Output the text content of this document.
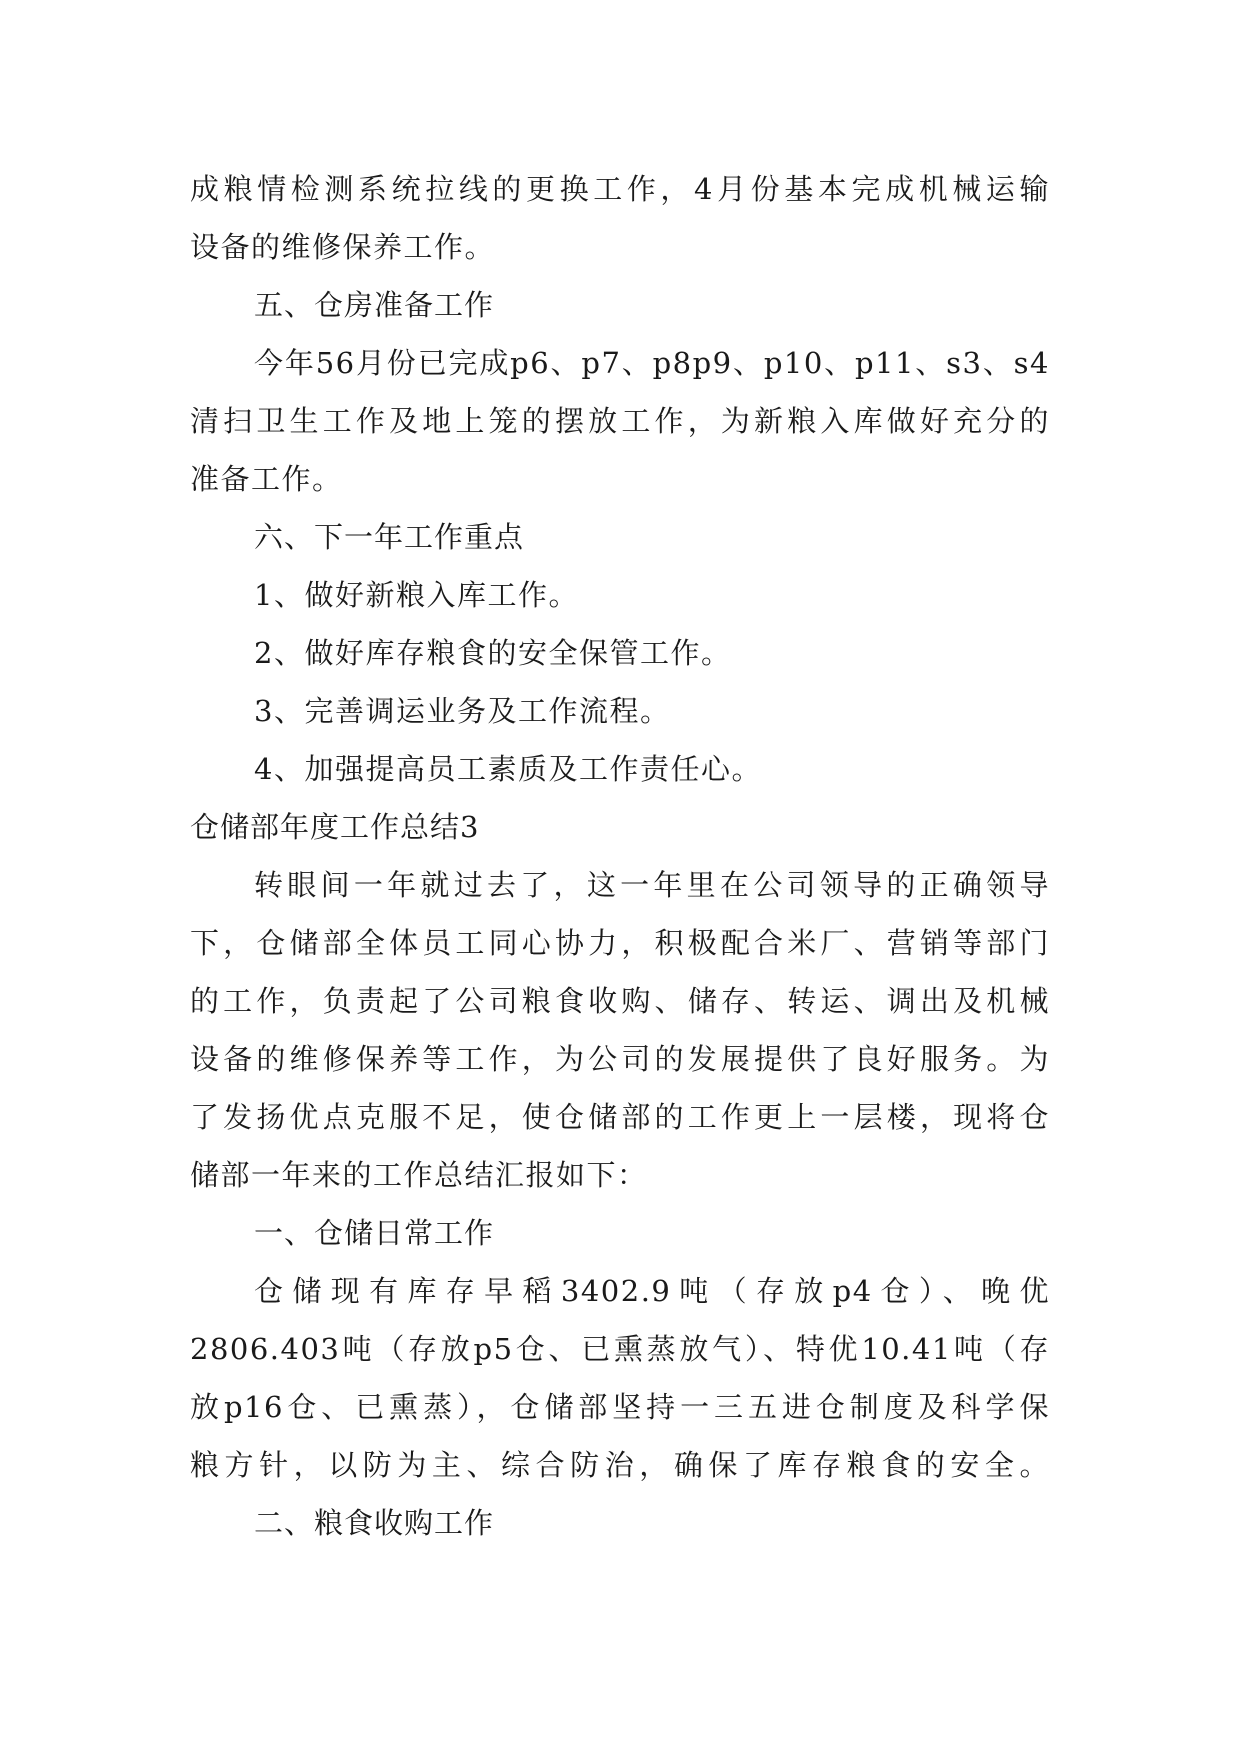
成粮情检测系统拉线的更换工作，4月份基本完成机械运输
设备的维修保养工作。
五、仓房准备工作
今年56月份已完成p6、p7、p8p9、p10、p11、s3、s4
清扫卫生工作及地上笼的摆放工作，为新粮入库做好充分的
准备工作。
六、下一年工作重点
1、做好新粮入库工作。
2、做好库存粮食的安全保管工作。
3、完善调运业务及工作流程。
4、加强提高员工素质及工作责任心。
仓储部年度工作总结3
转眼间一年就过去了，这一年里在公司领导的正确领导
下，仓储部全体员工同心协力，积极配合米厂、营销等部门
的工作，负责起了公司粮食收购、储存、转运、调出及机械
设备的维修保养等工作，为公司的发展提供了良好服务。为
了发扬优点克服不足，使仓储部的工作更上一层楼，现将仓
储部一年来的工作总结汇报如下：
一、仓储日常工作
仓储现有库存早稻3402.9吨（存放p4仓）、晚优
2806.403吨（存放p5仓、已熏蒸放气）、特优10.41吨（存
放p16仓、已熏蒸），仓储部坚持一三五进仓制度及科学保
粮方针，以防为主、综合防治，确保了库存粮食的安全。
二、粮食收购工作
